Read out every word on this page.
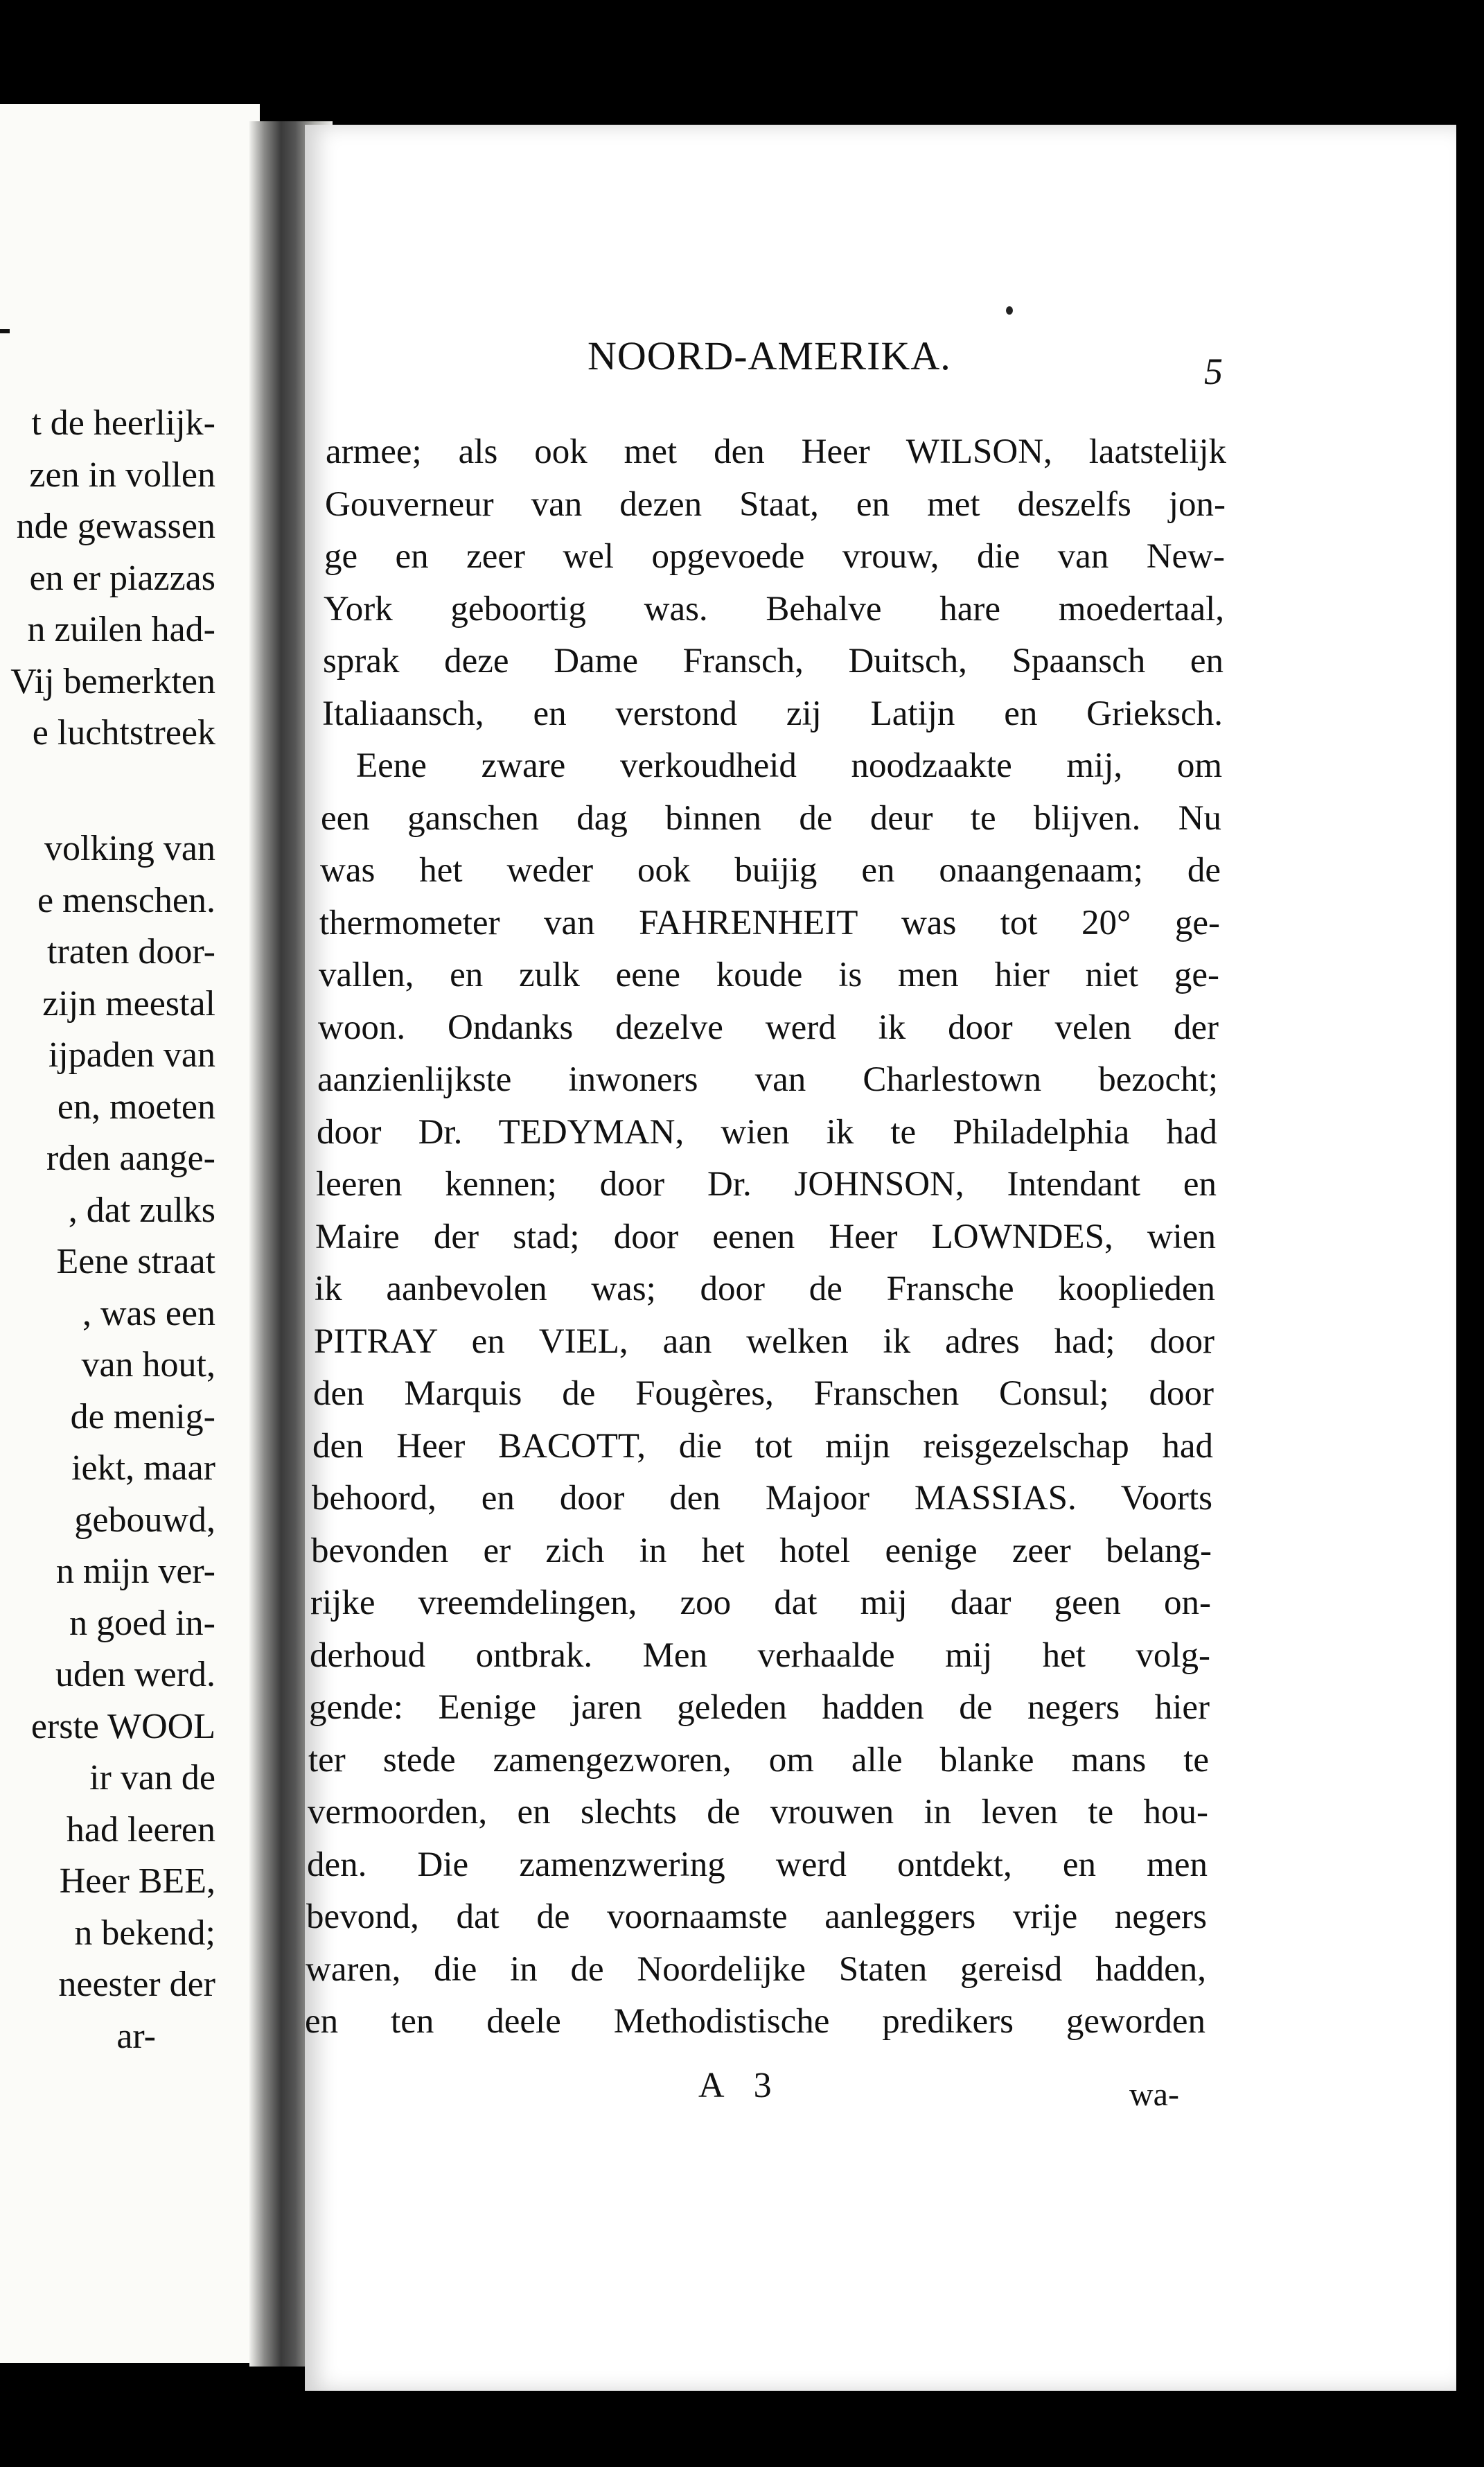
t de heerlijk-
zen in vollen
nde gewassen
en er piazzas
n zuilen had-
Vij bemerkten
e luchtstreek
volking van
e menschen.
traten door-
zijn meestal
ijpaden van
en, moeten
rden aange-
, dat zulks
Eene straat
, was een
van hout,
de menig-
iekt, maar
gebouwd,
n mijn ver-
n goed in-
uden werd.
erste WOOL
ir van de
had leeren
Heer BEE,
n bekend;
neester der
ar-
NOORD-AMERIKA.	5
armee; als ook met den Heer WILSON, laatstelijk
Gouverneur van dezen Staat, en met deszelfs jon-
ge en zeer wel opgevoede vrouw, die van New-
York geboortig was. Behalve hare moedertaal,
sprak deze Dame Fransch, Duitsch, Spaansch en
Italiaansch, en verstond zij Latijn en Grieksch.
Eene zware verkoudheid noodzaakte mij, om
een ganschen dag binnen de deur te blijven. Nu
was het weder ook buijig en onaangenaam; de
thermometer van FAHRENHEIT was tot 20° ge-
vallen, en zulk eene koude is men hier niet ge-
woon. Ondanks dezelve werd ik door velen der
aanzienlijkste inwoners van Charlestown bezocht;
door Dr. TEDYMAN, wien ik te Philadelphia had
leeren kennen; door Dr. JOHNSON, Intendant en
Maire der stad; door eenen Heer LOWNDES, wien
ik aanbevolen was; door de Fransche kooplieden
PITRAY en VIEL, aan welken ik adres had; door
den Marquis de Fougères, Franschen Consul; door
den Heer BACOTT, die tot mijn reisgezelschap had
behoord, en door den Majoor MASSIAS. Voorts
bevonden er zich in het hotel eenige zeer belang-
rijke vreemdelingen, zoo dat mij daar geen on-
derhoud ontbrak. Men verhaalde mij het volg-
gende: Eenige jaren geleden hadden de negers hier
ter stede zamengezworen, om alle blanke mans te
vermoorden, en slechts de vrouwen in leven te hou-
den. Die zamenzwering werd ontdekt, en men
bevond, dat de voornaamste aanleggers vrije negers
waren, die in de Noordelijke Staten gereisd hadden,
en ten deele Methodistische predikers geworden
A 3	wa-
